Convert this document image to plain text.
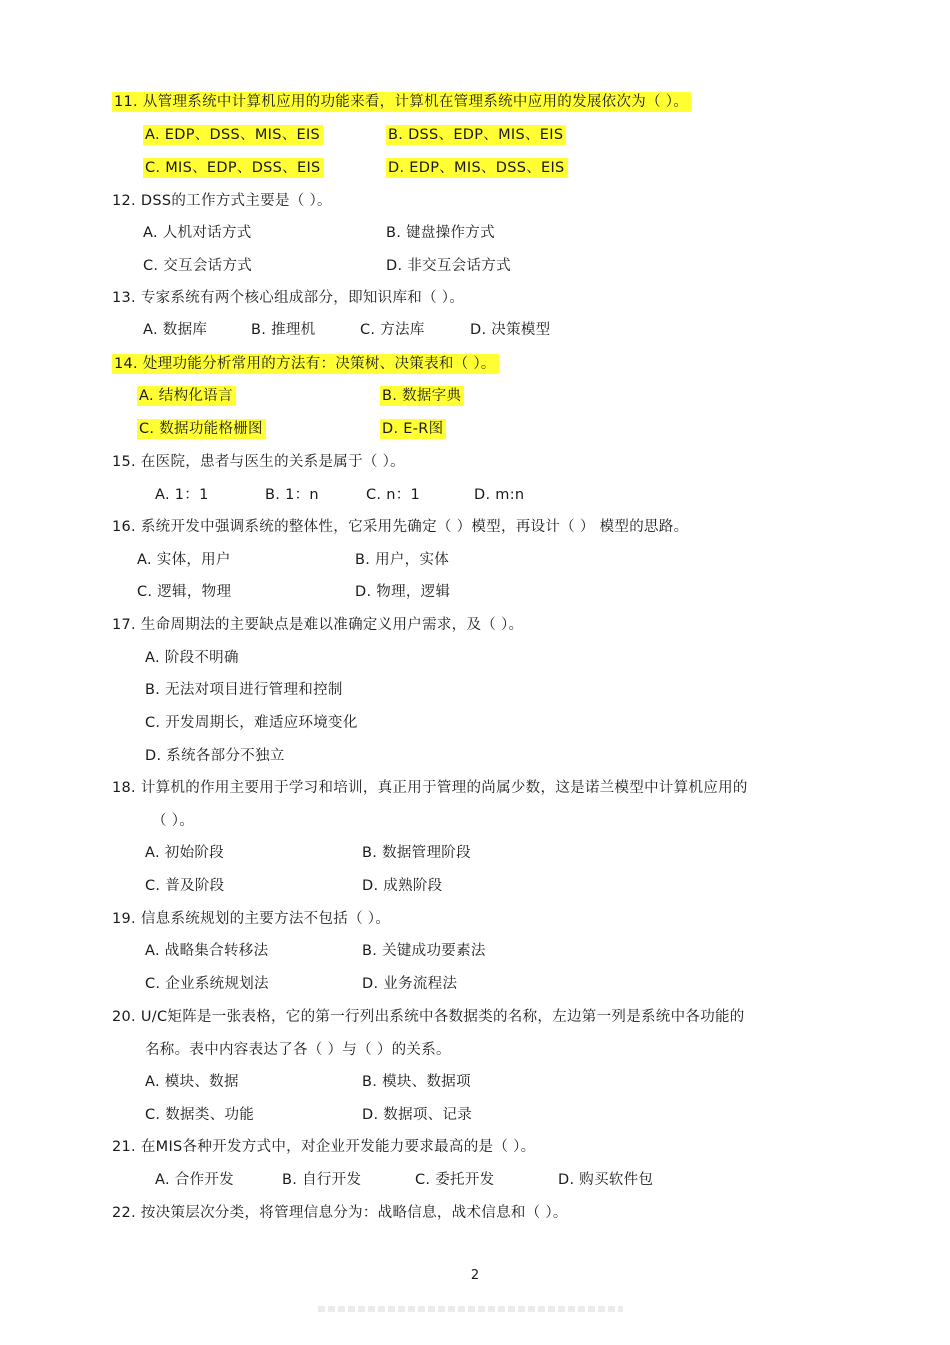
11. 从管理系统中计算机应用的功能来看，计算机在管理系统中应用的发展依次为（ ）。
A. EDP、DSS、MIS、EIS	B. DSS、EDP、MIS、EIS
C. MIS、EDP、DSS、EIS	D. EDP、MIS、DSS、EIS
12. DSS的工作方式主要是（ ）。
A. 人机对话方式	B. 键盘操作方式
C. 交互会话方式	D. 非交互会话方式
13. 专家系统有两个核心组成部分，即知识库和（ ）。
A. 数据库	B. 推理机	C. 方法库	D. 决策模型
14. 处理功能分析常用的方法有：决策树、决策表和（ ）。
A. 结构化语言	B. 数据字典
C. 数据功能格栅图	D. E-R图
15. 在医院，患者与医生的关系是属于（ ）。
A. 1：1	B. 1：n	C. n：1	D. m:n
16. 系统开发中强调系统的整体性，它采用先确定（ ）模型，再设计（ ） 模型的思路。
A. 实体，用户	B. 用户，实体
C. 逻辑，物理	D. 物理，逻辑
17. 生命周期法的主要缺点是难以准确定义用户需求，及（ ）。
A. 阶段不明确
B. 无法对项目进行管理和控制
C. 开发周期长，难适应环境变化
D. 系统各部分不独立
18. 计算机的作用主要用于学习和培训，真正用于管理的尚属少数，这是诺兰模型中计算机应用的
（ ）。
A. 初始阶段	B. 数据管理阶段
C. 普及阶段	D. 成熟阶段
19. 信息系统规划的主要方法不包括（ ）。
A. 战略集合转移法	B. 关键成功要素法
C. 企业系统规划法	D. 业务流程法
20. U/C矩阵是一张表格，它的第一行列出系统中各数据类的名称，左边第一列是系统中各功能的
名称。表中内容表达了各（ ）与（ ）的关系。
A. 模块、数据	B. 模块、数据项
C. 数据类、功能	D. 数据项、记录
21. 在MIS各种开发方式中，对企业开发能力要求最高的是（ ）。
A. 合作开发	B. 自行开发	C. 委托开发	D. 购买软件包
22. 按决策层次分类，将管理信息分为：战略信息，战术信息和（ ）。
2
